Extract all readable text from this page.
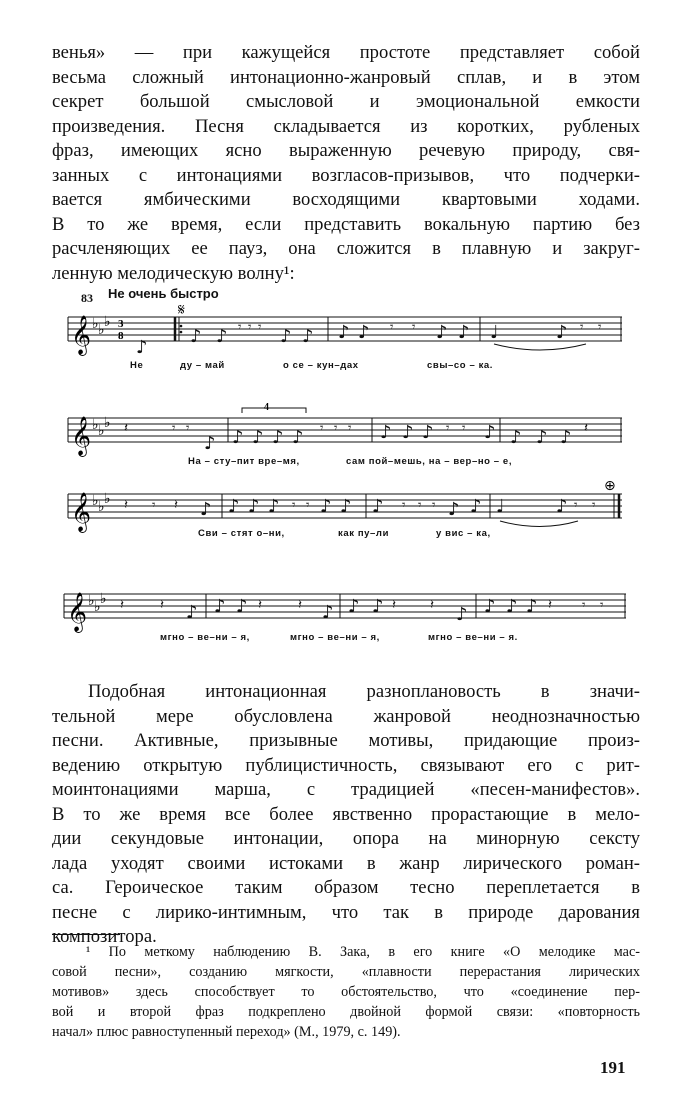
венья» — при кажущейся простоте представляет собой
весьма сложный интонационно-жанровый сплав, и в этом
секрет большой смысловой и эмоциональной емкости
произведения. Песня складывается из коротких, рубленых
фраз, имеющих ясно выраженную речевую природу, свя-
занных с интонациями возгласов-призывов, что подчерки-
вается ямбическими восходящими квартовыми ходами.
В то же время, если представить вокальную партию без
расчленяющих ее пауз, она сложится в плавную и закруг-
ленную мелодическую волну¹:
83 Не очень быстро
𝄞 ♭ ♭ ♭ 3
8
𝄋
♪
♪ ♪	♪ ♪ ♪ ♪	♪ ♪ ♩	♪
𝄾 𝄾 𝄾	𝄾 𝄾	𝄾 𝄾
Не	ду – май	о се – кун–дах	свы–со – ка.
4
𝄞 ♭ ♭ ♭
♪ ♪ ♪ ♪ ♪	♪ ♪ ♪	♪ ♪ ♪ ♪
𝄽	𝄾 𝄾	𝄾 𝄾 𝄾	𝄾 𝄾	𝄽
На – сту–пит вре–мя,	сам пой–мешь, на – вер–но – е,
𝄞 ♭ ♭ ♭
⊕
♪ ♪ ♪ ♪ ♪ ♪ ♪	♪ ♪ ♩	♪
𝄽 𝄾 𝄽	𝄾 𝄾	𝄾 𝄾 𝄾	𝄾 𝄾
Сви – стят о–ни,	как пу–ли	у вис – ка,
𝄞 ♭ ♭ ♭
♪ ♪ ♪	♪ ♪ ♪	♪ ♪ ♪ ♪
𝄽	𝄽	𝄽	𝄽	𝄽	𝄽	𝄽 𝄾 𝄾
мгно – ве–ни – я,	мгно – ве–ни – я,	мгно – ве–ни – я.
Подобная интонационная разноплановость в значи-
тельной мере обусловлена жанровой неоднозначностью
песни. Активные, призывные мотивы, придающие произ-
ведению открытую публицистичность, связывают его с рит-
моинтонациями марша, с традицией «песен-манифестов».
В то же время все более явственно прорастающие в мело-
дии секундовые интонации, опора на минорную сексту
лада уходят своими истоками в жанр лирического роман-
са. Героическое таким образом тесно переплетается в
песне с лирико-интимным, что так в природе дарования
композитора.
¹ По меткому наблюдению В. Зака, в его книге «О мелодике мас-
совой песни», созданию мягкости, «плавности перерастания лирических
мотивов» здесь способствует то обстоятельство, что «соединение пер-
вой и второй фраз подкреплено двойной формой связи: «повторность
начал» плюс равноступенный переход» (М., 1979, с. 149).
191
